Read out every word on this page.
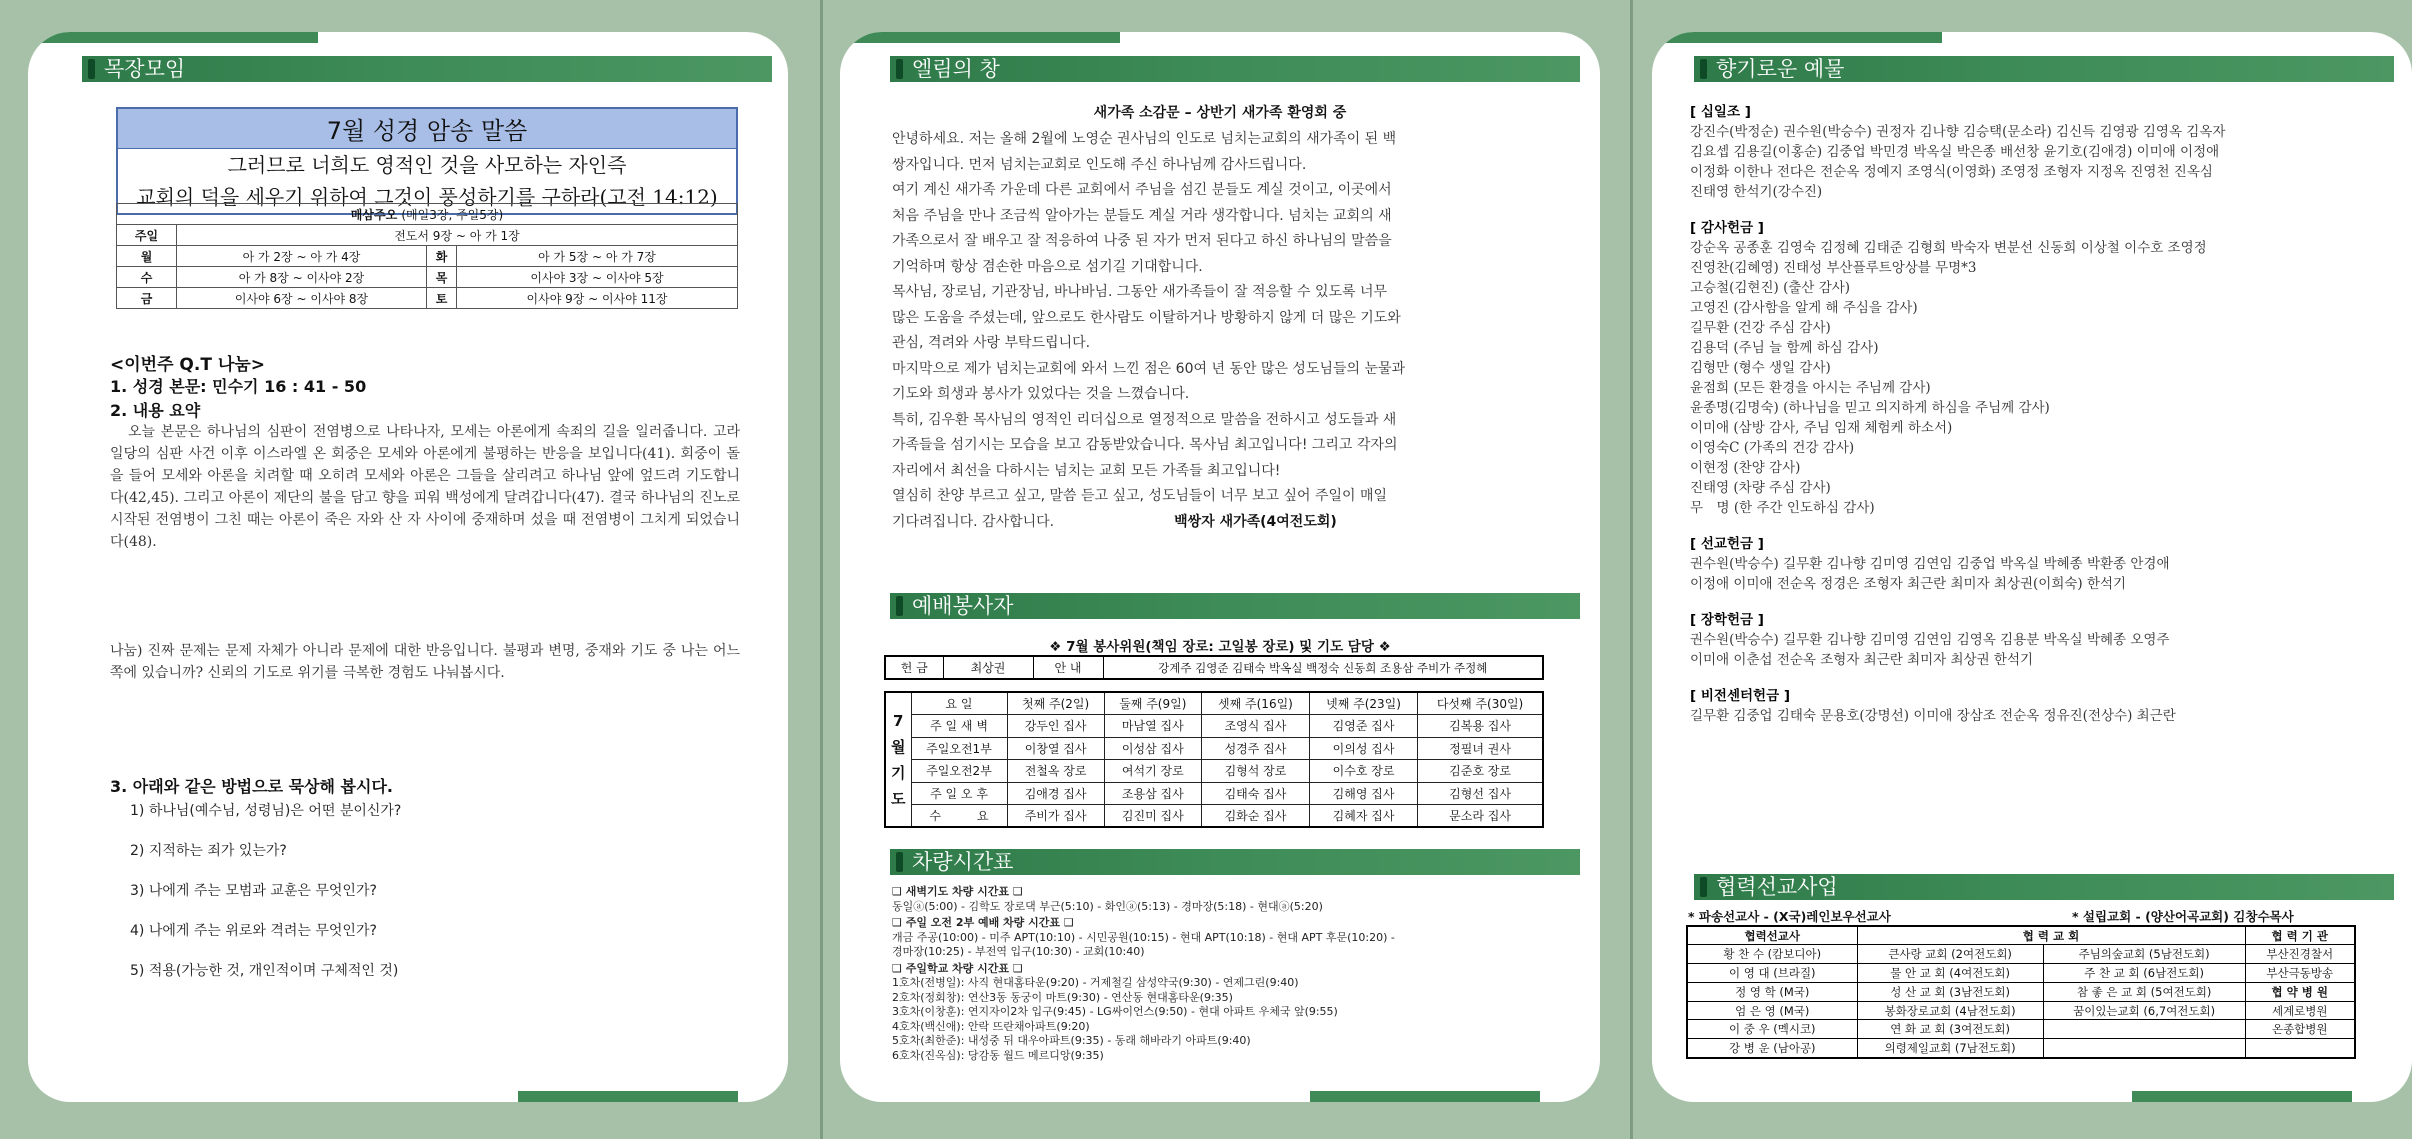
목장모임
7월 성경 암송 말씀
그러므로 너희도 영적인 것을 사모하는 자인즉
교회의 덕을 세우기 위하여 그것이 풍성하기를 구하라(고전 14:12)
매삼주오 (매일3장, 주일5장)			
주일	전도서 9장 ~ 아 가 1장		
월	아 가 2장 ~ 아 가 4장	화	아 가 5장 ~ 아 가 7장
수	아 가 8장 ~ 이사야 2장	목	이사야 3장 ~ 이사야 5장
금	이사야 6장 ~ 이사야 8장	토	이사야 9장 ~ 이사야 11장
<이번주 Q.T 나눔>
1. 성경 본문: 민수기 16 : 41 - 50
2. 내용 요약
오늘 본문은 하나님의 심판이 전염병으로 나타나자, 모세는 아론에게 속죄의 길을 일러줍니다. 고라 일당의 심판 사건 이후 이스라엘 온 회중은 모세와 아론에게 불평하는 반응을 보입니다(41). 회중이 돌을 들어 모세와 아론을 치려할 때 오히려 모세와 아론은 그들을 살리려고 하나님 앞에 엎드려 기도합니다(42,45). 그리고 아론이 제단의 불을 담고 향을 피워 백성에게 달려갑니다(47). 결국 하나님의 진노로 시작된 전염병이 그친 때는 아론이 죽은 자와 산 자 사이에 중재하며 섰을 때 전염병이 그치게 되었습니다(48).
나눔) 진짜 문제는 문제 자체가 아니라 문제에 대한 반응입니다. 불평과 변명, 중재와 기도 중 나는 어느 쪽에 있습니까? 신뢰의 기도로 위기를 극복한 경험도 나눠봅시다.
3. 아래와 같은 방법으로 묵상해 봅시다.
1) 하나님(예수님, 성령님)은 어떤 분이신가?
2) 지적하는 죄가 있는가?
3) 나에게 주는 모범과 교훈은 무엇인가?
4) 나에게 주는 위로와 격려는 무엇인가?
5) 적용(가능한 것, 개인적이며 구체적인 것)
엘림의 창
새가족 소감문 – 상반기 새가족 환영회 중
안녕하세요. 저는 올해 2월에 노영순 권사님의 인도로 넘치는교회의 새가족이 된 백
쌍자입니다. 먼저 넘치는교회로 인도해 주신 하나님께 감사드립니다.
여기 계신 새가족 가운데 다른 교회에서 주님을 섬긴 분들도 계실 것이고, 이곳에서
처음 주님을 만나 조금씩 알아가는 분들도 계실 거라 생각합니다. 넘치는 교회의 새
가족으로서 잘 배우고 잘 적응하여 나중 된 자가 먼저 된다고 하신 하나님의 말씀을
기억하며 항상 겸손한 마음으로 섬기길 기대합니다.
목사님, 장로님, 기관장님, 바나바님. 그동안 새가족들이 잘 적응할 수 있도록 너무
많은 도움을 주셨는데, 앞으로도 한사람도 이탈하거나 방황하지 않게 더 많은 기도와
관심, 격려와 사랑 부탁드립니다.
마지막으로 제가 넘치는교회에 와서 느낀 점은 60여 년 동안 많은 성도님들의 눈물과
기도와 희생과 봉사가 있었다는 것을 느꼈습니다.
특히, 김우환 목사님의 영적인 리더십으로 열정적으로 말씀을 전하시고 성도들과 새
가족들을 섬기시는 모습을 보고 감동받았습니다. 목사님 최고입니다! 그리고 각자의
자리에서 최선을 다하시는 넘치는 교회 모든 가족들 최고입니다!
열심히 찬양 부르고 싶고, 말씀 듣고 싶고, 성도님들이 너무 보고 싶어 주일이 매일
기다려집니다. 감사합니다.	백쌍자 새가족(4여전도회)
예배봉사자
❖ 7월 봉사위원(책임 장로: 고일봉 장로) 및 기도 담당 ❖
헌 금	최상권	안 내	강계주 김영준 김태숙 박옥실 백정숙 신동희 조용삼 주비가 주정혜
7
월
기
도	요 일	첫째 주(2일)	둘째 주(9일)	셋째 주(16일)	넷째 주(23일)	다섯째 주(30일)
	주 일 새 벽	강두인 집사	마남열 집사	조영식 집사	김영준 집사	김복용 집사
	주일오전1부	이창열 집사	이성삼 집사	성경주 집사	이의성 집사	정필녀 권사
	주일오전2부	전철옥 장로	여석기 장로	김형석 장로	이수호 장로	김준호 장로
	주 일 오 후	김애경 집사	조용삼 집사	김태숙 집사	김해영 집사	김형선 집사
	수　　　요	주비가 집사	김진미 집사	김화순 집사	김혜자 집사	문소라 집사
차량시간표
❑ 새벽기도 차량 시간표 ❑
동일ⓐ(5:00) - 김학도 장로댁 부근(5:10) - 화인ⓐ(5:13) - 경마장(5:18) - 현대ⓐ(5:20)
❑ 주일 오전 2부 예배 차량 시간표 ❑
개금 주공(10:00) - 미주 APT(10:10) - 시민공원(10:15) - 현대 APT(10:18) - 현대 APT 후문(10:20) -
경마장(10:25) - 부전역 입구(10:30) - 교회(10:40)
❑ 주일학교 차량 시간표 ❑
1호차(전병일): 사직 현대홈타운(9:20) - 거제철길 삼성약국(9:30) - 연제그린(9:40)
2호차(정회창): 연산3동 동궁이 마트(9:30) - 연산동 현대홈타운(9:35)
3호차(이창훈): 연지자이2차 입구(9:45) - LG싸이언스(9:50) - 현대 아파트 우체국 앞(9:55)
4호차(백신애): 안락 뜨란채아파트(9:20)
5호차(최한준): 내성중 뒤 대우아파트(9:35) - 동래 해바라기 아파트(9:40)
6호차(진옥심): 당감동 월드 메르디앙(9:35)
향기로운 예물
[ 십일조 ]
강진수(박정순) 권수원(박승수) 권정자 김나향 김승택(문소라) 김신득 김영광 김영옥 김옥자
김요셉 김용길(이홍순) 김중업 박민경 박옥실 박은종 배선창 윤기호(김애경) 이미애 이정애
이정화 이한나 전다은 전순옥 정예지 조영식(이영화) 조영정 조형자 지정옥 진영천 진옥심
진태영 한석기(강수진)
[ 감사헌금 ]
강순옥 공종훈 김영숙 김정혜 김태준 김형희 박숙자 변분선 신동희 이상철 이수호 조영정
진영찬(김혜영) 진태성 부산플루트앙상블 무명*3
고승철(김현진) (출산 감사)
고영진 (감사함을 알게 해 주심을 감사)
길무환 (건강 주심 감사)
김용덕 (주님 늘 함께 하심 감사)
김형만 (형수 생일 감사)
윤점희 (모든 환경을 아시는 주님께 감사)
윤종명(김명숙) (하나님을 믿고 의지하게 하심을 주님께 감사)
이미애 (삼방 감사, 주님 임재 체험케 하소서)
이영숙C (가족의 건강 감사)
이현정 (찬양 감사)
진태영 (차량 주심 감사)
무　명 (한 주간 인도하심 감사)
[ 선교헌금 ]
권수원(박승수) 길무환 김나향 김미영 김연임 김중업 박옥실 박혜종 박환종 안경애
이정애 이미애 전순옥 정경은 조형자 최근란 최미자 최상권(이희숙) 한석기
[ 장학헌금 ]
권수원(박승수) 길무환 김나향 김미영 김연임 김영옥 김용분 박옥실 박혜종 오영주
이미애 이춘섭 전순옥 조형자 최근란 최미자 최상권 한석기
[ 비전센터헌금 ]
길무환 김중업 김태숙 문용호(강명선) 이미애 장삼조 전순옥 정유진(전상수) 최근란
협력선교사업
* 파송선교사 - (X국)레인보우선교사	* 설립교회 - (양산어곡교회) 김창수목사
협력선교사	협 력 교 회		협 력 기 관
황 찬 수 (캄보디아)	큰사랑 교회 (2여전도회)	주님의숲교회 (5남전도회)	부산진경찰서
이 영 대 (브라질)	물 안 교 회 (4여전도회)	주 찬 교 회 (6남전도회)	부산극동방송
정 영 학 (M국)	성 산 교 회 (3남전도회)	참 좋 은 교 회 (5여전도회)	협 약 병 원
엄 은 영 (M국)	봉화장로교회 (4남전도회)	꿈이있는교회 (6,7여전도회)	세계로병원
이 중 우 (멕시코)	연 화 교 회 (3여전도회)		온종합병원
강 병 운 (남아공)	의령제일교회 (7남전도회)		
